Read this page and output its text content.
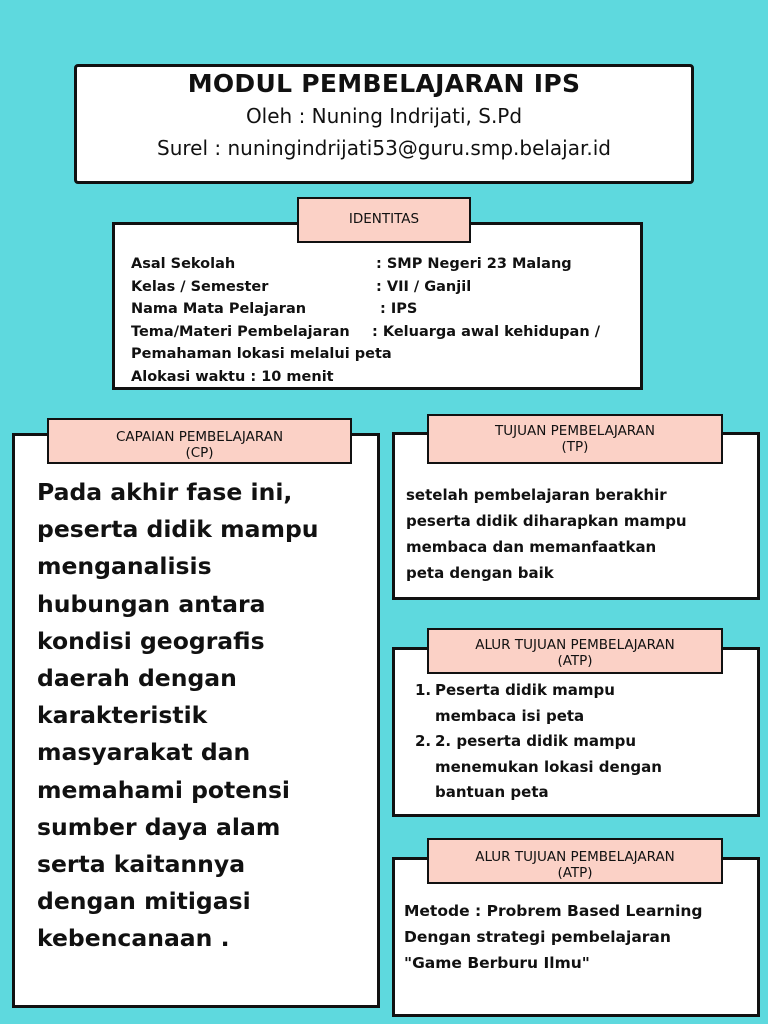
MODUL PEMBELAJARAN IPS
Oleh : Nuning Indrijati, S.Pd
Surel : nuningindrijati53@guru.smp.belajar.id
Asal Sekolah	: SMP Negeri 23 Malang
Kelas / Semester	: VII / Ganjil
Nama Mata Pelajaran	: IPS
Tema/Materi Pembelajaran : Keluarga awal kehidupan /
Pemahaman lokasi melalui peta
Alokasi waktu : 10 menit
IDENTITAS
Pada akhir fase ini,
peserta didik mampu
menganalisis
hubungan antara
kondisi geografis
daerah dengan
karakteristik
masyarakat dan
memahami potensi
sumber daya alam
serta kaitannya
dengan mitigasi
kebencanaan .
CAPAIAN PEMBELAJARAN
(CP)
setelah pembelajaran berakhir
peserta didik diharapkan mampu
membaca dan memanfaatkan
peta dengan baik
TUJUAN PEMBELAJARAN
(TP)
1. Peserta didik mampu
membaca isi peta
2. 2. peserta didik mampu
menemukan lokasi dengan
bantuan peta
ALUR TUJUAN PEMBELAJARAN
(ATP)
Metode : Probrem Based Learning
Dengan strategi pembelajaran
"Game Berburu Ilmu"
ALUR TUJUAN PEMBELAJARAN
(ATP)
